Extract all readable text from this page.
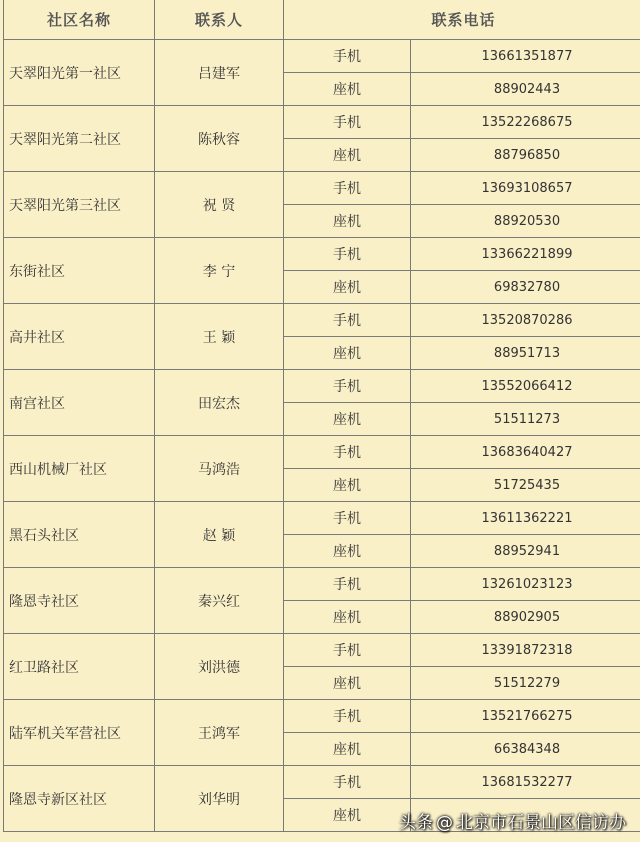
社区名称	联系人	联系电话	
天翠阳光第一社区	吕建军	手机	13661351877
		座机	88902443
天翠阳光第二社区	陈秋容	手机	13522268675
		座机	88796850
天翠阳光第三社区	祝 贤	手机	13693108657
		座机	88920530
东街社区	李 宁	手机	13366221899
		座机	69832780
高井社区	王 颖	手机	13520870286
		座机	88951713
南宫社区	田宏杰	手机	13552066412
		座机	51511273
西山机械厂社区	马鸿浩	手机	13683640427
		座机	51725435
黑石头社区	赵 颖	手机	13611362221
		座机	88952941
隆恩寺社区	秦兴红	手机	13261023123
		座机	88902905
红卫路社区	刘洪德	手机	13391872318
		座机	51512279
陆军机关军营社区	王鸿军	手机	13521766275
		座机	66384348
隆恩寺新区社区	刘华明	手机	13681532277
		座机	头条 @ 北京市石景山区信访办
